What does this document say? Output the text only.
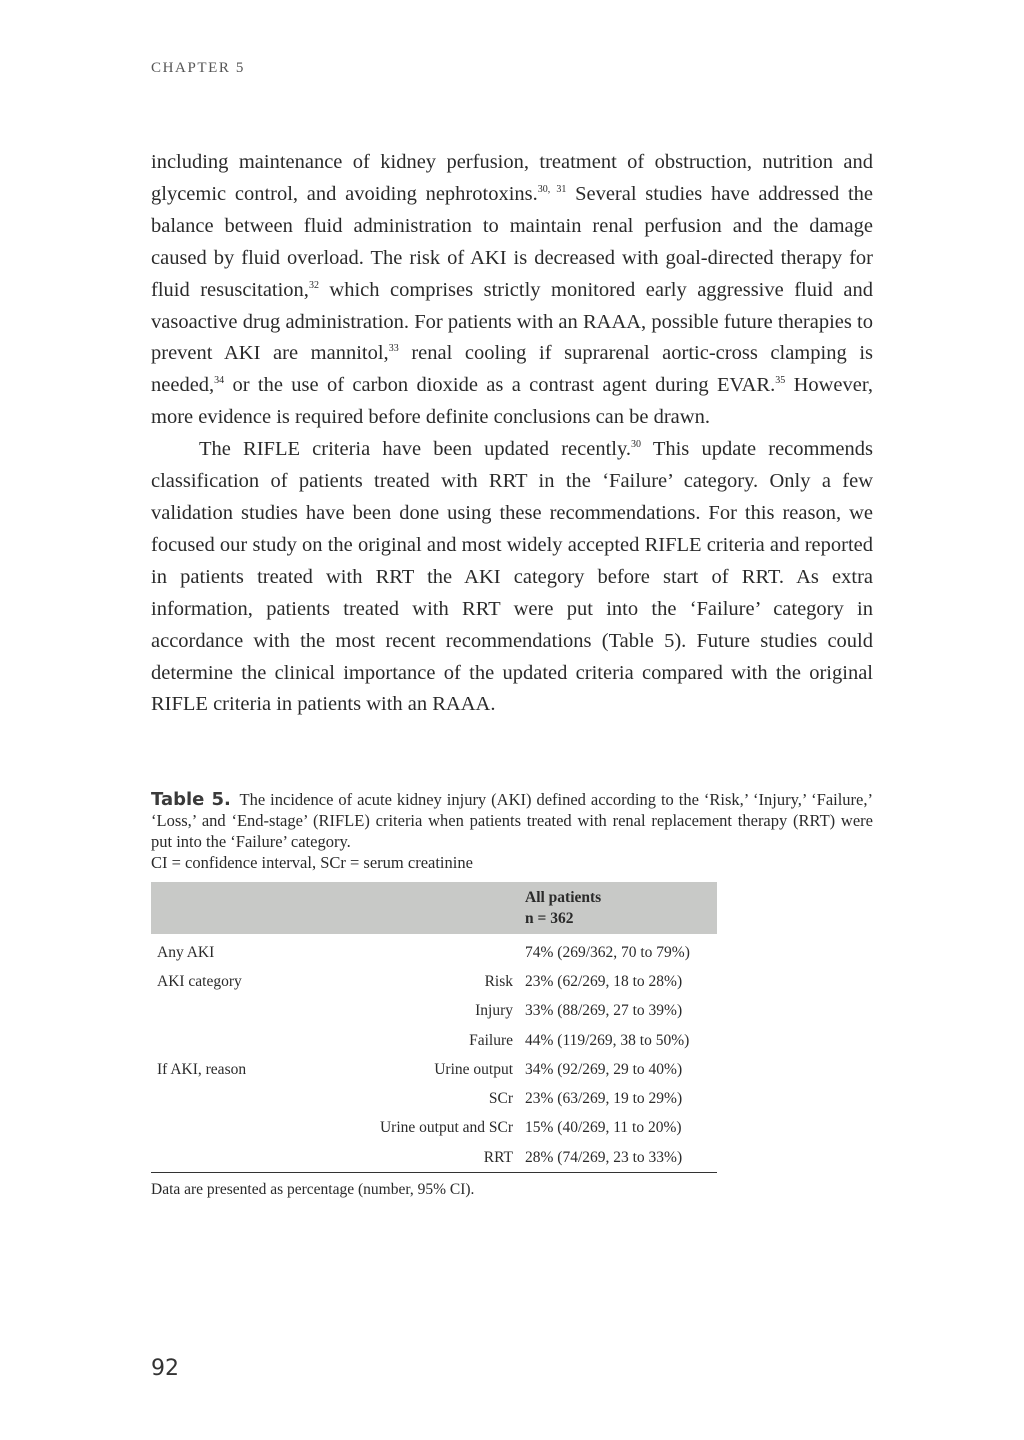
CHAPTER 5

including maintenance of kidney perfusion, treatment of obstruction, nutrition and glycemic control, and avoiding nephrotoxins.$^{30, 31}$ Several studies have addressed the balance between fluid administration to maintain renal perfusion and the damage caused by fluid overload. The risk of AKI is decreased with goal-directed therapy for fluid resuscitation,$^{32}$ which comprises strictly monitored early aggressive fluid and vasoactive drug administration. For patients with an RAAA, possible future therapies to prevent AKI are mannitol,$^{33}$ renal cooling if suprarenal aortic-cross clamping is needed,$^{34}$ or the use of carbon dioxide as a contrast agent during EVAR.$^{35}$ However, more evidence is required before definite conclusions can be drawn.

The RIFLE criteria have been updated recently.$^{30}$ This update recommends classification of patients treated with RRT in the ‘Failure’ category. Only a few validation studies have been done using these recommendations. For this reason, we focused our study on the original and most widely accepted RIFLE criteria and reported in patients treated with RRT the AKI category before start of RRT. As extra information, patients treated with RRT were put into the ‘Failure’ category in accordance with the most recent recommendations (Table 5). Future studies could determine the clinical importance of the updated criteria compared with the original RIFLE criteria in patients with an RAAA.

Table 5. The incidence of acute kidney injury (AKI) defined according to the ‘Risk,’ ‘Injury,’ ‘Failure,’ ‘Loss,’ and ‘End-stage’ (RIFLE) criteria when patients treated with renal replacement therapy (RRT) were put into the ‘Failure’ category.
CI = confidence interval, SCr = serum creatinine

		All patients
n = 362

Any AKI		74% (269/362, 70 to 79%)
AKI category	Risk	23% (62/269, 18 to 28%)
	Injury	33% (88/269, 27 to 39%)
	Failure	44% (119/269, 38 to 50%)
If AKI, reason	Urine output	34% (92/269, 29 to 40%)
	SCr	23% (63/269, 19 to 29%)
	Urine output and SCr	15% (40/269, 11 to 20%)
	RRT	28% (74/269, 23 to 33%)
Data are presented as percentage (number, 95% CI).
92
